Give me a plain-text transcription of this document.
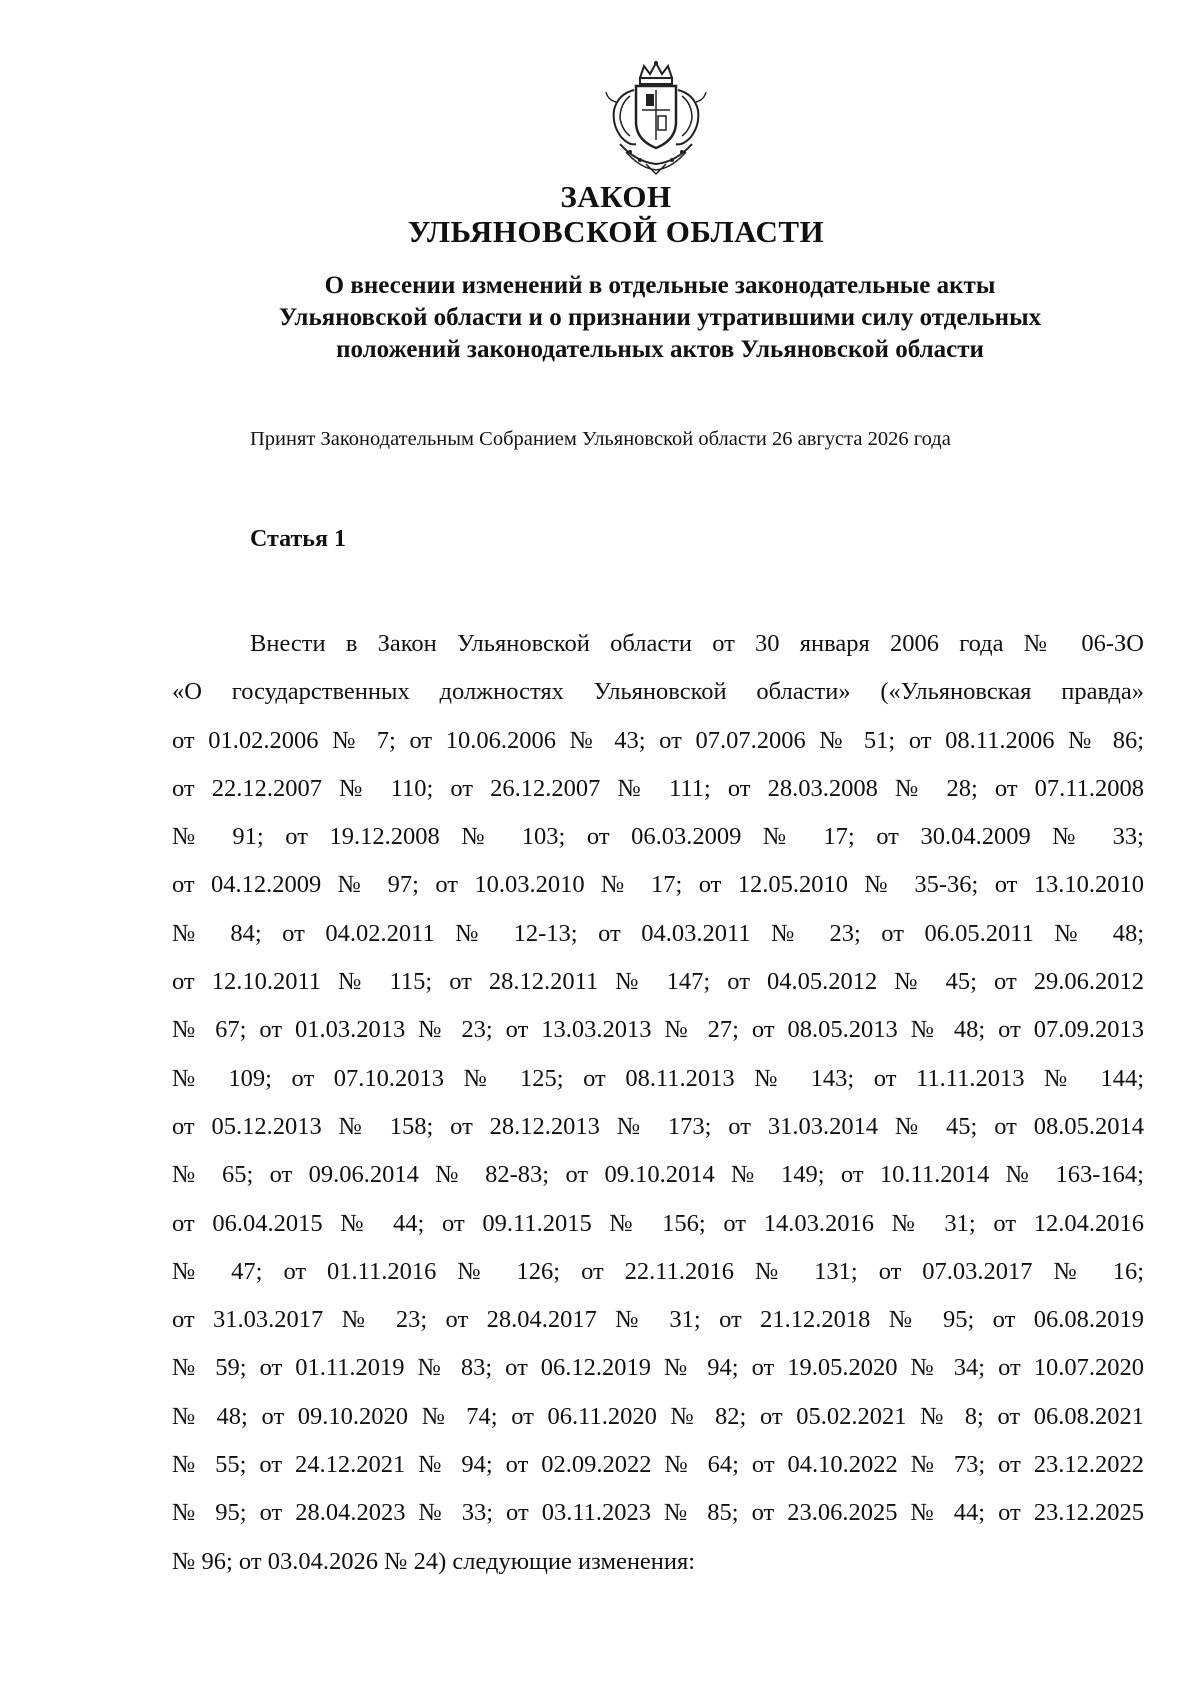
ЗАКОН
УЛЬЯНОВСКОЙ ОБЛАСТИ
О внесении изменений в отдельные законодательные акты
Ульяновской области и о признании утратившими силу отдельных
положений законодательных актов Ульяновской области
Принят Законодательным Собранием Ульяновской области 26 августа 2026 года
Статья 1
Внести в Закон Ульяновской области от 30 января 2006 года № 06-ЗО
«О государственных должностях Ульяновской области» («Ульяновская правда»
от 01.02.2006 № 7; от 10.06.2006 № 43; от 07.07.2006 № 51; от 08.11.2006 № 86;
от 22.12.2007 № 110; от 26.12.2007 № 111; от 28.03.2008 № 28; от 07.11.2008
№ 91; от 19.12.2008 № 103; от 06.03.2009 № 17; от 30.04.2009 № 33;
от 04.12.2009 № 97; от 10.03.2010 № 17; от 12.05.2010 № 35-36; от 13.10.2010
№ 84; от 04.02.2011 № 12-13; от 04.03.2011 № 23; от 06.05.2011 № 48;
от 12.10.2011 № 115; от 28.12.2011 № 147; от 04.05.2012 № 45; от 29.06.2012
№ 67; от 01.03.2013 № 23; от 13.03.2013 № 27; от 08.05.2013 № 48; от 07.09.2013
№ 109; от 07.10.2013 № 125; от 08.11.2013 № 143; от 11.11.2013 № 144;
от 05.12.2013 № 158; от 28.12.2013 № 173; от 31.03.2014 № 45; от 08.05.2014
№ 65; от 09.06.2014 № 82-83; от 09.10.2014 № 149; от 10.11.2014 № 163-164;
от 06.04.2015 № 44; от 09.11.2015 № 156; от 14.03.2016 № 31; от 12.04.2016
№ 47; от 01.11.2016 № 126; от 22.11.2016 № 131; от 07.03.2017 № 16;
от 31.03.2017 № 23; от 28.04.2017 № 31; от 21.12.2018 № 95; от 06.08.2019
№ 59; от 01.11.2019 № 83; от 06.12.2019 № 94; от 19.05.2020 № 34; от 10.07.2020
№ 48; от 09.10.2020 № 74; от 06.11.2020 № 82; от 05.02.2021 № 8; от 06.08.2021
№ 55; от 24.12.2021 № 94; от 02.09.2022 № 64; от 04.10.2022 № 73; от 23.12.2022
№ 95; от 28.04.2023 № 33; от 03.11.2023 № 85; от 23.06.2025 № 44; от 23.12.2025
№ 96; от 03.04.2026 № 24) следующие изменения:
